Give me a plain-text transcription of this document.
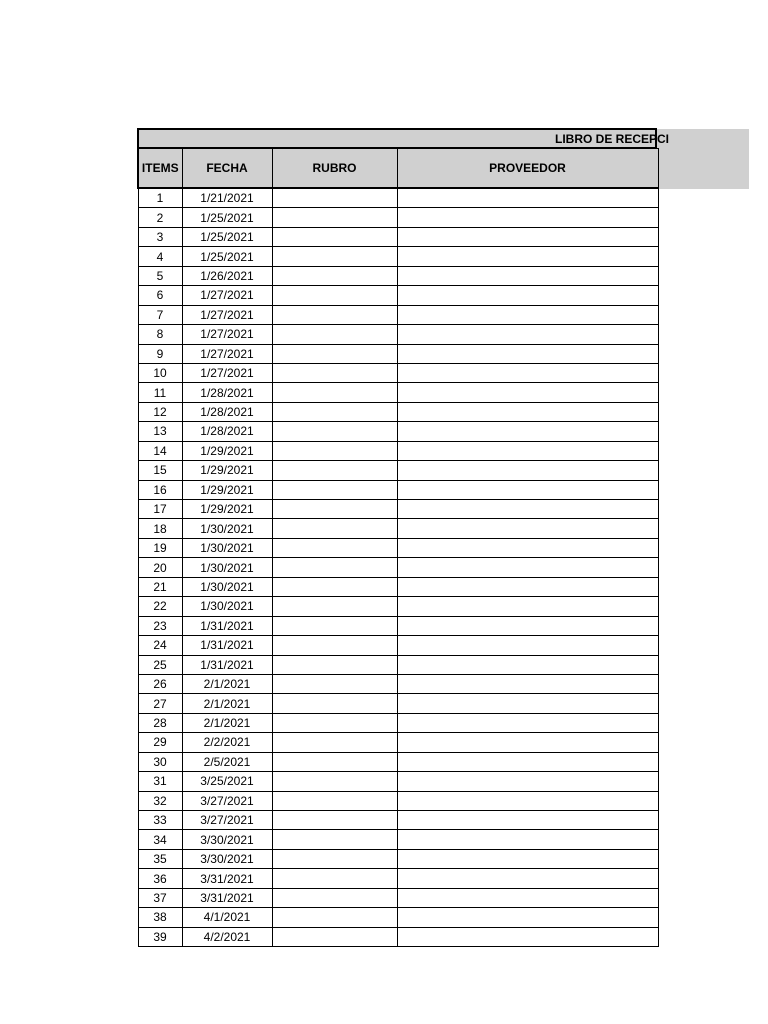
LIBRO DE RECEPCI
ITEMS	FECHA	RUBRO	PROVEEDOR
1	1/21/2021		
2	1/25/2021		
3	1/25/2021		
4	1/25/2021		
5	1/26/2021		
6	1/27/2021		
7	1/27/2021		
8	1/27/2021		
9	1/27/2021		
10	1/27/2021		
11	1/28/2021		
12	1/28/2021		
13	1/28/2021		
14	1/29/2021		
15	1/29/2021		
16	1/29/2021		
17	1/29/2021		
18	1/30/2021		
19	1/30/2021		
20	1/30/2021		
21	1/30/2021		
22	1/30/2021		
23	1/31/2021		
24	1/31/2021		
25	1/31/2021		
26	2/1/2021		
27	2/1/2021		
28	2/1/2021		
29	2/2/2021		
30	2/5/2021		
31	3/25/2021		
32	3/27/2021		
33	3/27/2021		
34	3/30/2021		
35	3/30/2021		
36	3/31/2021		
37	3/31/2021		
38	4/1/2021		
39	4/2/2021		
